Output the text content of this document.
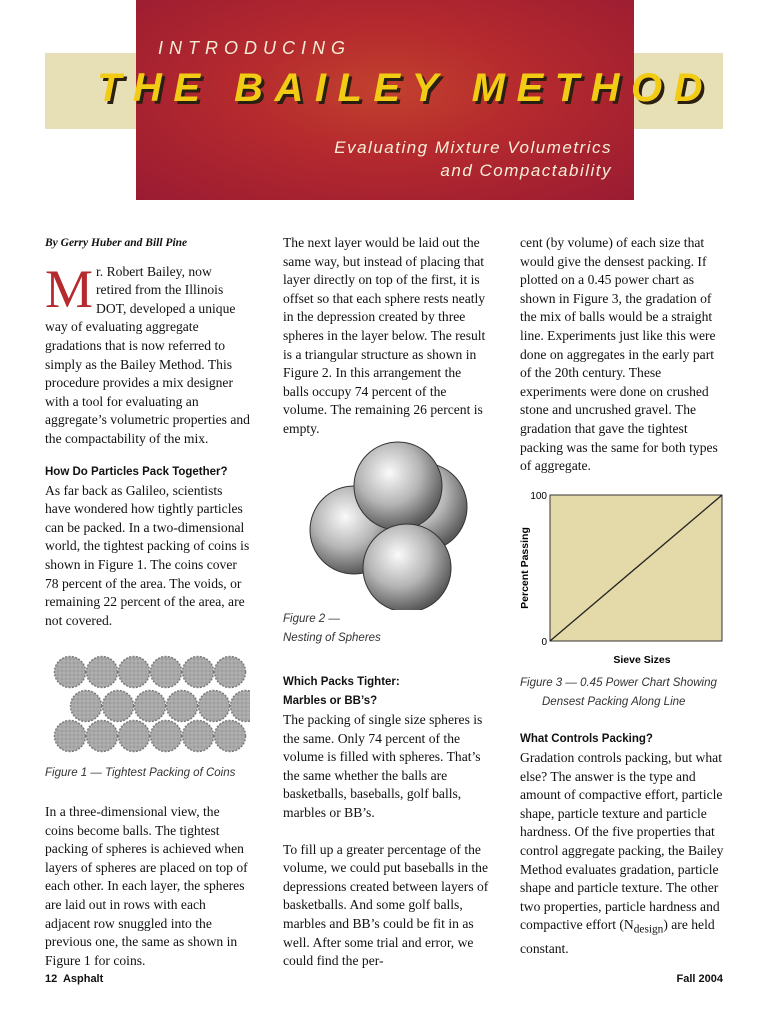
INTRODUCING
THE BAILEY METHOD
Evaluating Mixture Volumetrics
and Compactability

By Gerry Huber and Bill Pine

Mr. Robert Bailey, now retired from the Illinois DOT, developed a unique way of evaluating aggregate gradations that is now referred to simply as the Bailey Method. This procedure provides a mix designer with a tool for evaluating an aggregate’s volumetric properties and the compactability of the mix.

How Do Particles Pack Together?

As far back as Galileo, scientists have wondered how tightly particles can be packed. In a two-dimensional world, the tightest packing of coins is shown in Figure 1. The coins cover 78 percent of the area. The voids, or remaining 22 percent of the area, are not covered.

Figure 1 — Tightest Packing of Coins

In a three-dimensional view, the coins become balls. The tightest packing of spheres is achieved when layers of spheres are placed on top of each other. In each layer, the spheres are laid out in rows with each adjacent row snuggled into the previous one, the same as shown in Figure 1 for coins.

The next layer would be laid out the same way, but instead of placing that layer directly on top of the first, it is offset so that each sphere rests neatly in the depression created by three spheres in the layer below. The result is a triangular structure as shown in Figure 2. In this arrangement the balls occupy 74 percent of the volume. The remaining 26 percent is empty.

Figure 2 —
Nesting of Spheres

Which Packs Tighter:

Marbles or BB’s?

The packing of single size spheres is the same. Only 74 percent of the volume is filled with spheres. That’s the same whether the balls are basketballs, baseballs, golf balls, marbles or BB’s.

To fill up a greater percentage of the volume, we could put baseballs in the depressions created between layers of basketballs. And some golf balls, marbles and BB’s could be fit in as well. After some trial and error, we could find the per-

cent (by volume) of each size that would give the densest packing. If plotted on a 0.45 power chart as shown in Figure 3, the gradation of the mix of balls would be a straight line. Experiments just like this were done on aggregates in the early part of the 20th century. These experiments were done on crushed stone and uncrushed gravel. The gradation that gave the tightest packing was the same for both types of aggregate.

100
0
Percent Passing
Sieve Sizes
Figure 3 — 0.45 Power Chart Showing
Densest Packing Along Line

What Controls Packing?

Gradation controls packing, but what else? The answer is the type and amount of compactive effort, particle shape, particle texture and particle hardness. Of the five properties that control aggregate packing, the Bailey Method evaluates gradation, particle shape and particle texture. The other two properties, particle hardness and compactive effort $(N_{design})$ are held constant.

12  Asphalt	Fall 2004
